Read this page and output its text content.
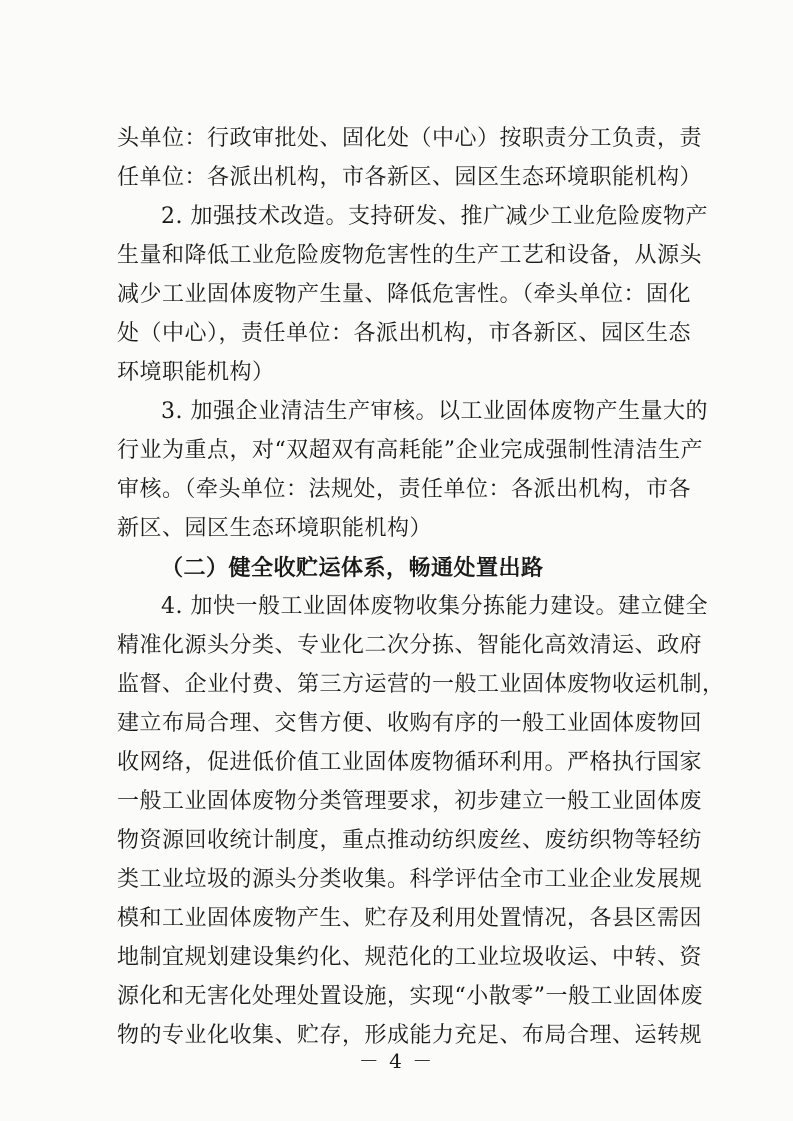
头单位：行政审批处、固化处（中心）按职责分工负责，责
任单位：各派出机构，市各新区、园区生态环境职能机构）
2. 加强技术改造。支持研发、推广减少工业危险废物产
生量和降低工业危险废物危害性的生产工艺和设备，从源头
减少工业固体废物产生量、降低危害性。（牵头单位：固化
处（中心），责任单位：各派出机构，市各新区、园区生态
环境职能机构）
3. 加强企业清洁生产审核。以工业固体废物产生量大的
行业为重点，对“双超双有高耗能”企业完成强制性清洁生产
审核。（牵头单位：法规处，责任单位：各派出机构，市各
新区、园区生态环境职能机构）
（二）健全收贮运体系，畅通处置出路
4. 加快一般工业固体废物收集分拣能力建设。建立健全
精准化源头分类、专业化二次分拣、智能化高效清运、政府
监督、企业付费、第三方运营的一般工业固体废物收运机制，
建立布局合理、交售方便、收购有序的一般工业固体废物回
收网络，促进低价值工业固体废物循环利用。严格执行国家
一般工业固体废物分类管理要求，初步建立一般工业固体废
物资源回收统计制度，重点推动纺织废丝、废纺织物等轻纺
类工业垃圾的源头分类收集。科学评估全市工业企业发展规
模和工业固体废物产生、贮存及利用处置情况，各县区需因
地制宜规划建设集约化、规范化的工业垃圾收运、中转、资
源化和无害化处理处置设施，实现“小散零”一般工业固体废
物的专业化收集、贮存，形成能力充足、布局合理、运转规
－ 4 －
